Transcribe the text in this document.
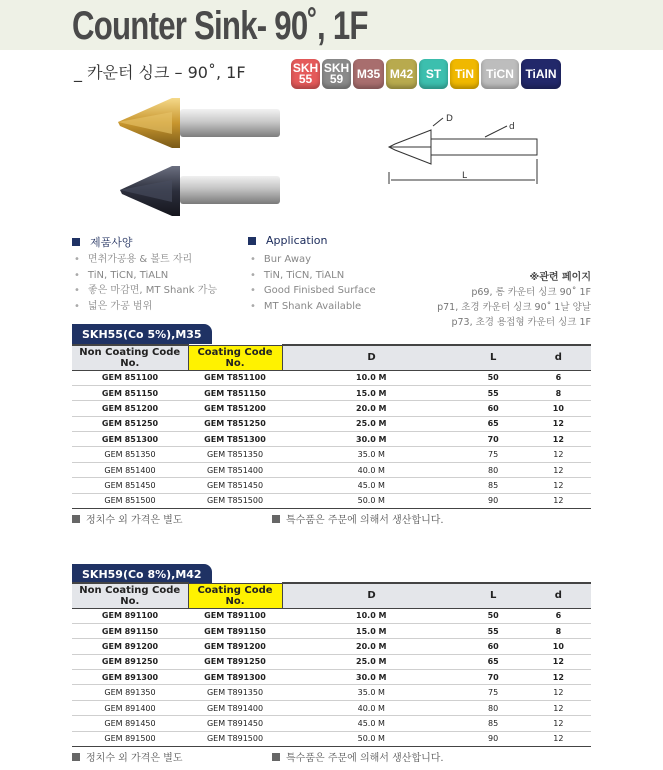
Counter Sink- 90˚, 1F
_ 카운터 싱크 – 90˚, 1F	SKH 55
SKH 59	M35 M42	ST	TiN	TiCN TiAlN
D
d
L
제품사양
• 면취가공용 & 볼트 자리
• TiN, TiCN, TiALN
• 좋은 마감면, MT Shank 가능
• 넓은 가공 범위
Application
• Bur Away
• TiN, TiCN, TiALN
• Good Finisbed Surface
• MT Shank Available
※관련 페이지
p69, 롱 카운터 싱크 90˚ 1F
p71, 초경 카운터 싱크 90˚ 1날 양날
p73, 초경 용접형 카운터 싱크 1F
SKH55(Co 5%),M35
Non Coating Code No.	Coating Code No.	D	L	d
GEM 851100	GEM T851100	10.0 M	50	6
GEM 851150	GEM T851150	15.0 M	55	8
GEM 851200	GEM T851200	20.0 M	60	10
GEM 851250	GEM T851250	25.0 M	65	12
GEM 851300	GEM T851300	30.0 M	70	12
GEM 851350	GEM T851350	35.0 M	75	12
GEM 851400	GEM T851400	40.0 M	80	12
GEM 851450	GEM T851450	45.0 M	85	12
GEM 851500	GEM T851500	50.0 M	90	12
정치수 외 가격은 별도	특수품은 주문에 의해서 생산합니다.
SKH59(Co 8%),M42
Non Coating Code No.	Coating Code No.	D	L	d
GEM 891100	GEM T891100	10.0 M	50	6
GEM 891150	GEM T891150	15.0 M	55	8
GEM 891200	GEM T891200	20.0 M	60	10
GEM 891250	GEM T891250	25.0 M	65	12
GEM 891300	GEM T891300	30.0 M	70	12
GEM 891350	GEM T891350	35.0 M	75	12
GEM 891400	GEM T891400	40.0 M	80	12
GEM 891450	GEM T891450	45.0 M	85	12
GEM 891500	GEM T891500	50.0 M	90	12
정치수 외 가격은 별도	특수품은 주문에 의해서 생산합니다.
